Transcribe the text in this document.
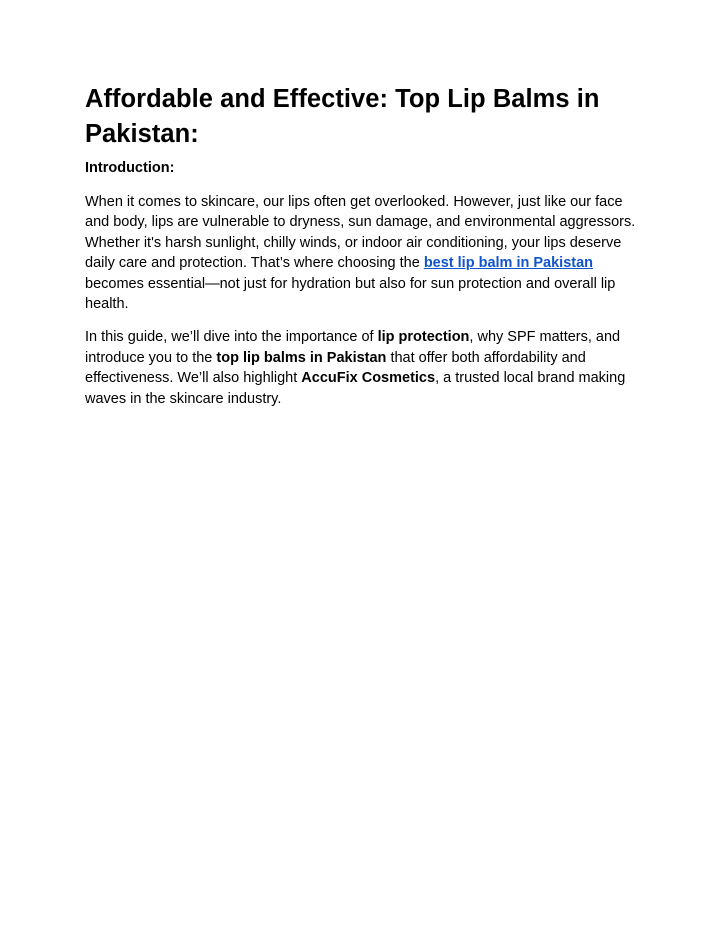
Affordable and Effective: Top Lip Balms in Pakistan:

Introduction:

When it comes to skincare, our lips often get overlooked. However, just like our face and body, lips are vulnerable to dryness, sun damage, and environmental aggressors. Whether it's harsh sunlight, chilly winds, or indoor air conditioning, your lips deserve daily care and protection. That’s where choosing the best lip balm in Pakistan becomes essential—not just for hydration but also for sun protection and overall lip health.

In this guide, we’ll dive into the importance of lip protection, why SPF matters, and introduce you to the top lip balms in Pakistan that offer both affordability and effectiveness. We’ll also highlight AccuFix Cosmetics, a trusted local brand making waves in the skincare industry.
